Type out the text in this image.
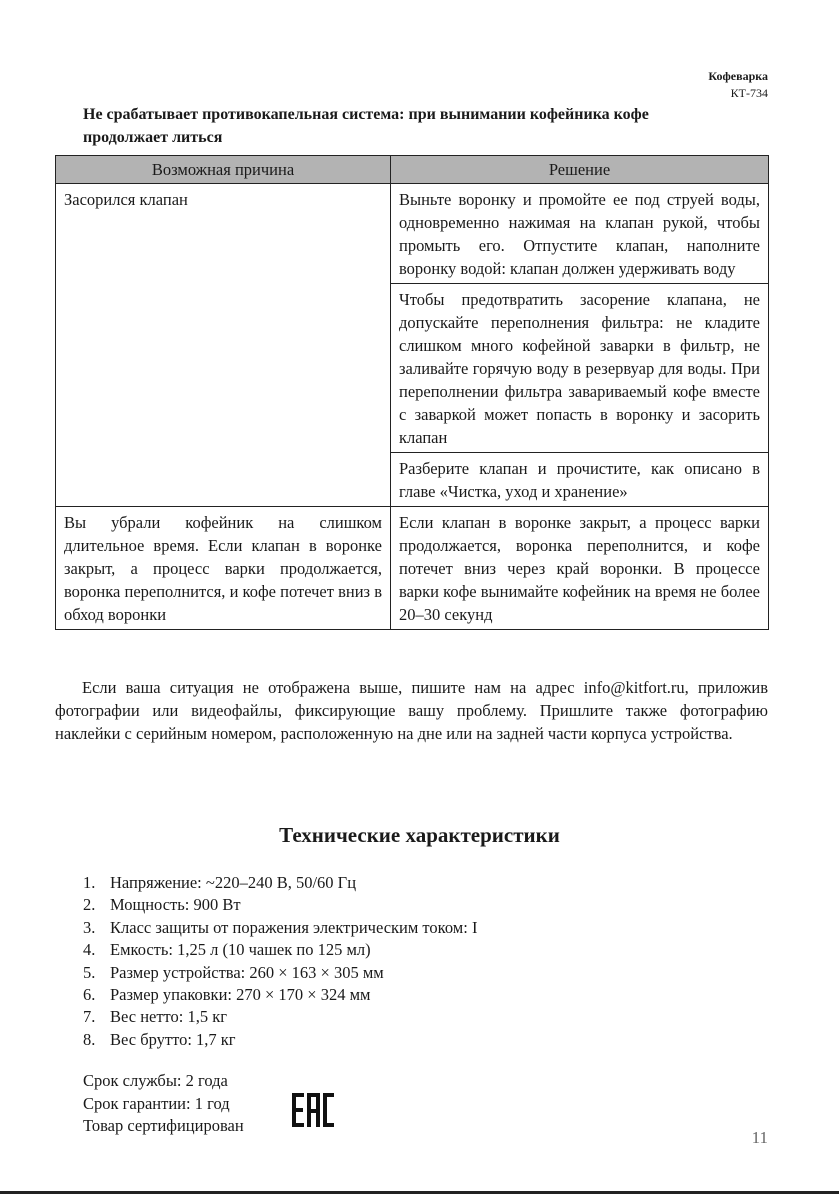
Кофеварка
КТ-734
Не срабатывает противокапельная система: при вынимании кофейника кофе продолжает литься
Возможная причина	Решение
Засорился клапан	Выньте воронку и промойте ее под струей воды, одновременно нажимая на клапан рукой, чтобы промыть его. Отпустите клапан, наполните воронку водой: клапан должен удерживать воду
	Чтобы предотвратить засорение клапана, не допускайте переполнения фильтра: не кладите слишком много кофейной заварки в фильтр, не заливайте горячую воду в резервуар для воды. При переполнении фильтра завариваемый кофе вместе с заваркой может попасть в воронку и засорить клапан
	Разберите клапан и прочистите, как описано в главе «Чистка, уход и хранение»
Вы убрали кофейник на слишком длительное время. Если клапан в воронке закрыт, а процесс варки продолжается, воронка переполнится, и кофе потечет вниз в обход воронки	Если клапан в воронке закрыт, а процесс варки продолжается, воронка переполнится, и кофе потечет вниз через край воронки. В процессе варки кофе вынимайте кофейник на время не более 20–30 секунд

Если ваша ситуация не отображена выше, пишите нам на адрес info@kitfort.ru, приложив фотографии или видеофайлы, фиксирующие вашу проблему. Пришлите также фотографию наклейки с серийным номером, расположенную на дне или на задней части корпуса устройства.

Технические характеристики
1. Напряжение: ~220–240 В, 50/60 Гц
2. Мощность: 900 Вт
3. Класс защиты от поражения электрическим током: I
4. Емкость: 1,25 л (10 чашек по 125 мл)
5. Размер устройства: 260 × 163 × 305 мм
6. Размер упаковки: 270 × 170 × 324 мм
7. Вес нетто: 1,5 кг
8. Вес брутто: 1,7 кг
Срок службы: 2 года
Срок гарантии: 1 год
Товар сертифицирован
11
